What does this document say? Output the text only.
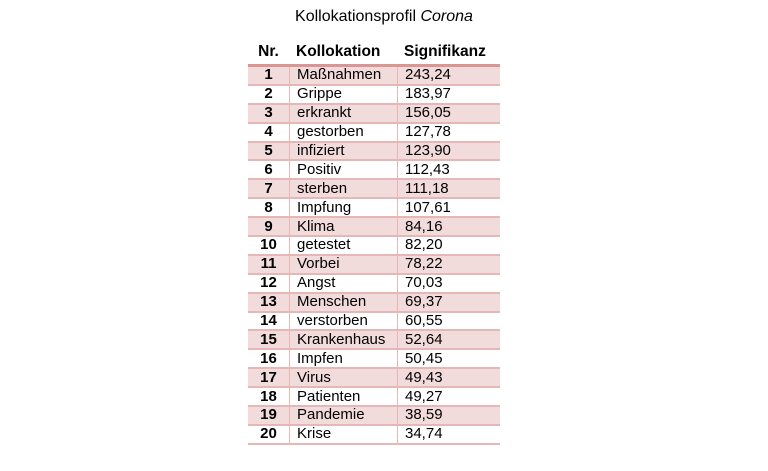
Kollokationsprofil Corona
Nr.	Kollokation	Signifikanz
1	Maßnahmen	243,24
2	Grippe	183,97
3	erkrankt	156,05
4	gestorben	127,78
5	infiziert	123,90
6	Positiv	112,43
7	sterben	111,18
8	Impfung	107,61
9	Klima	84,16
10	getestet	82,20
11	Vorbei	78,22
12	Angst	70,03
13	Menschen	69,37
14	verstorben	60,55
15	Krankenhaus	52,64
16	Impfen	50,45
17	Virus	49,43
18	Patienten	49,27
19	Pandemie	38,59
20	Krise	34,74
